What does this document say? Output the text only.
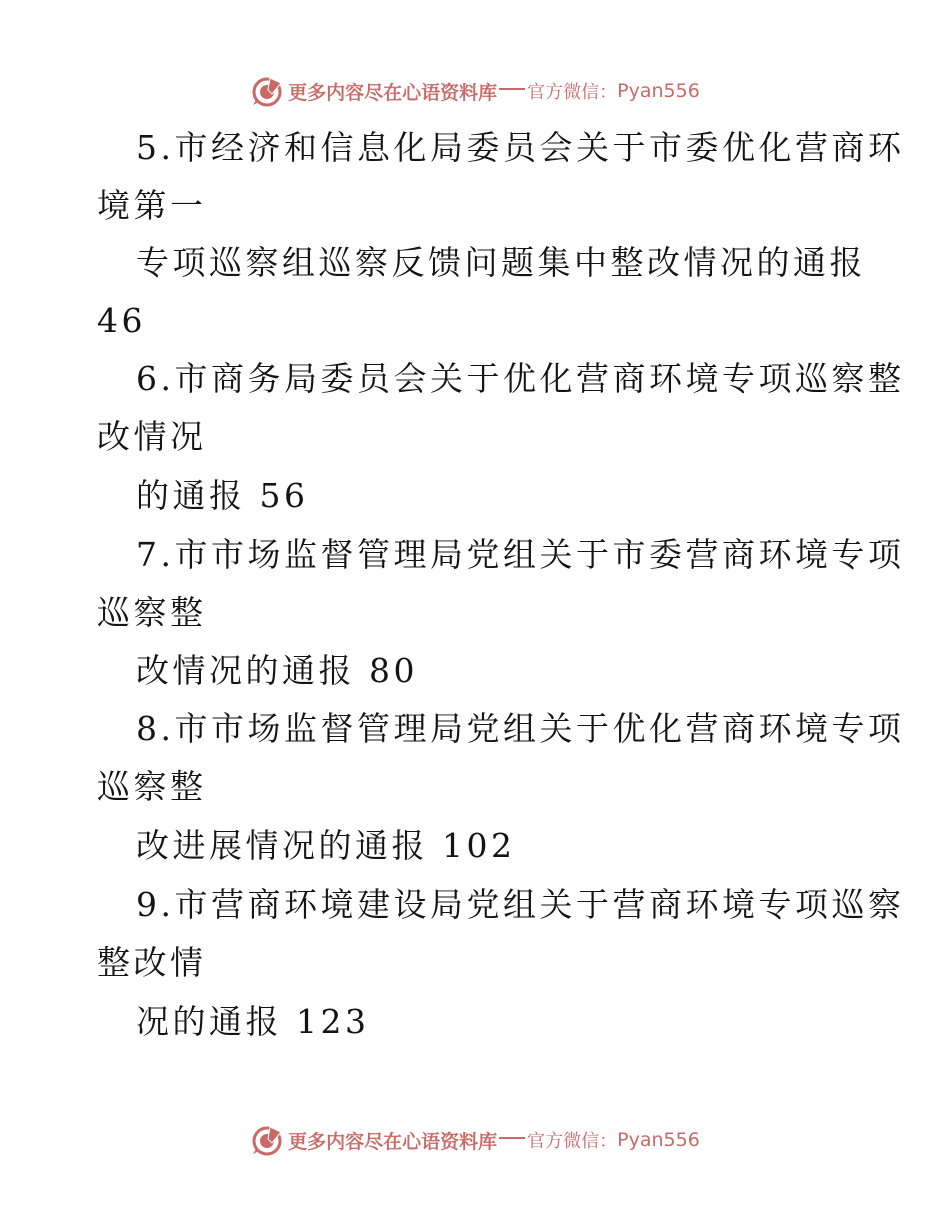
更多内容尽在心语资料库 官方微信： Pyan556
5.市经济和信息化局委员会关于市委优化营商环
境第一
专项巡察组巡察反馈问题集中整改情况的通报
46
6.市商务局委员会关于优化营商环境专项巡察整
改情况
的通报 56
7.市市场监督管理局党组关于市委营商环境专项
巡察整
改情况的通报 80
8.市市场监督管理局党组关于优化营商环境专项
巡察整
改进展情况的通报 102
9.市营商环境建设局党组关于营商环境专项巡察
整改情
况的通报 123
更多内容尽在心语资料库 官方微信： Pyan556
